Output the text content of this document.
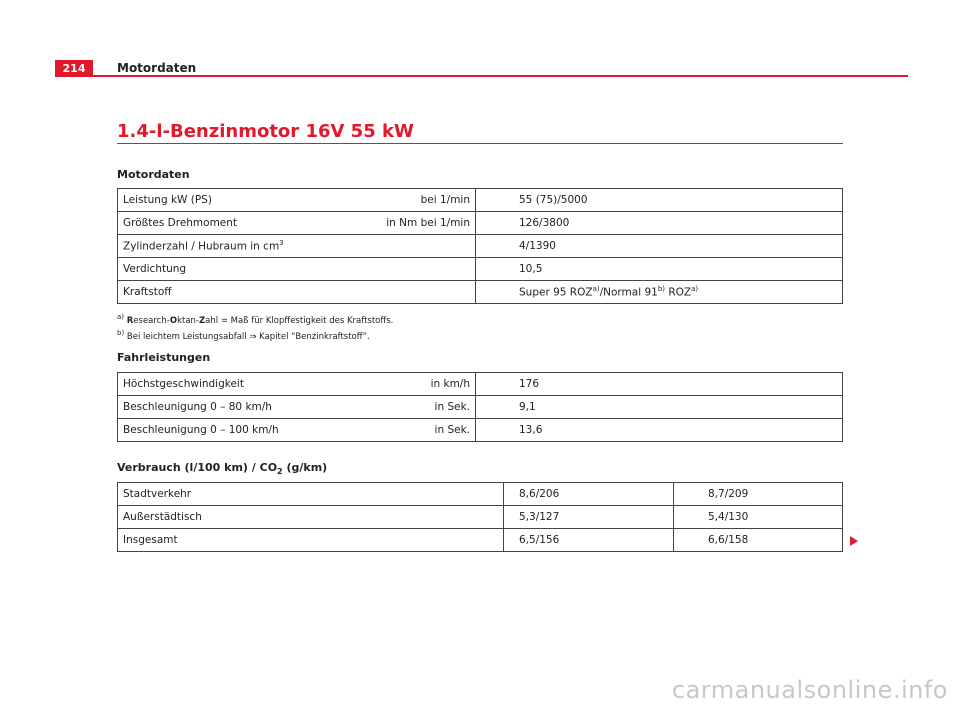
214	Motordaten
1.4-l-Benzinmotor 16V 55 kW
Motordaten
Leistung kW (PS) bei 1/min	55 (75)/5000

Größtes Drehmoment in Nm bei 1/min	126/3800
Zylinderzahl / Hubraum in $cm^3$	4/1390
Verdichtung	10,5
Kraftstoff	Super 95 ROZ$^{a)}$/Normal 91$^{b)}$ ROZ$^{a)}$
$^{a)}$ Research-Oktan-Zahl = Maß für Klopffestigkeit des Kraftstoffs.
$^{b)}$ Bei leichtem Leistungsabfall ⇒ Kapitel “Benzinkraftstoff”.
Fahrleistungen
Höchstgeschwindigkeit in km/h	176

Beschleunigung 0 – 80 km/h in Sek.	9,1

Beschleunigung 0 – 100 km/h in Sek.	13,6
Verbrauch (l/100 $km) / CO_2$ (g/km)
Stadtverkehr	8,6/206	8,7/209
Außerstädtisch	5,3/127	5,4/130
Insgesamt	6,5/156	6,6/158
carmanualsonline.info
